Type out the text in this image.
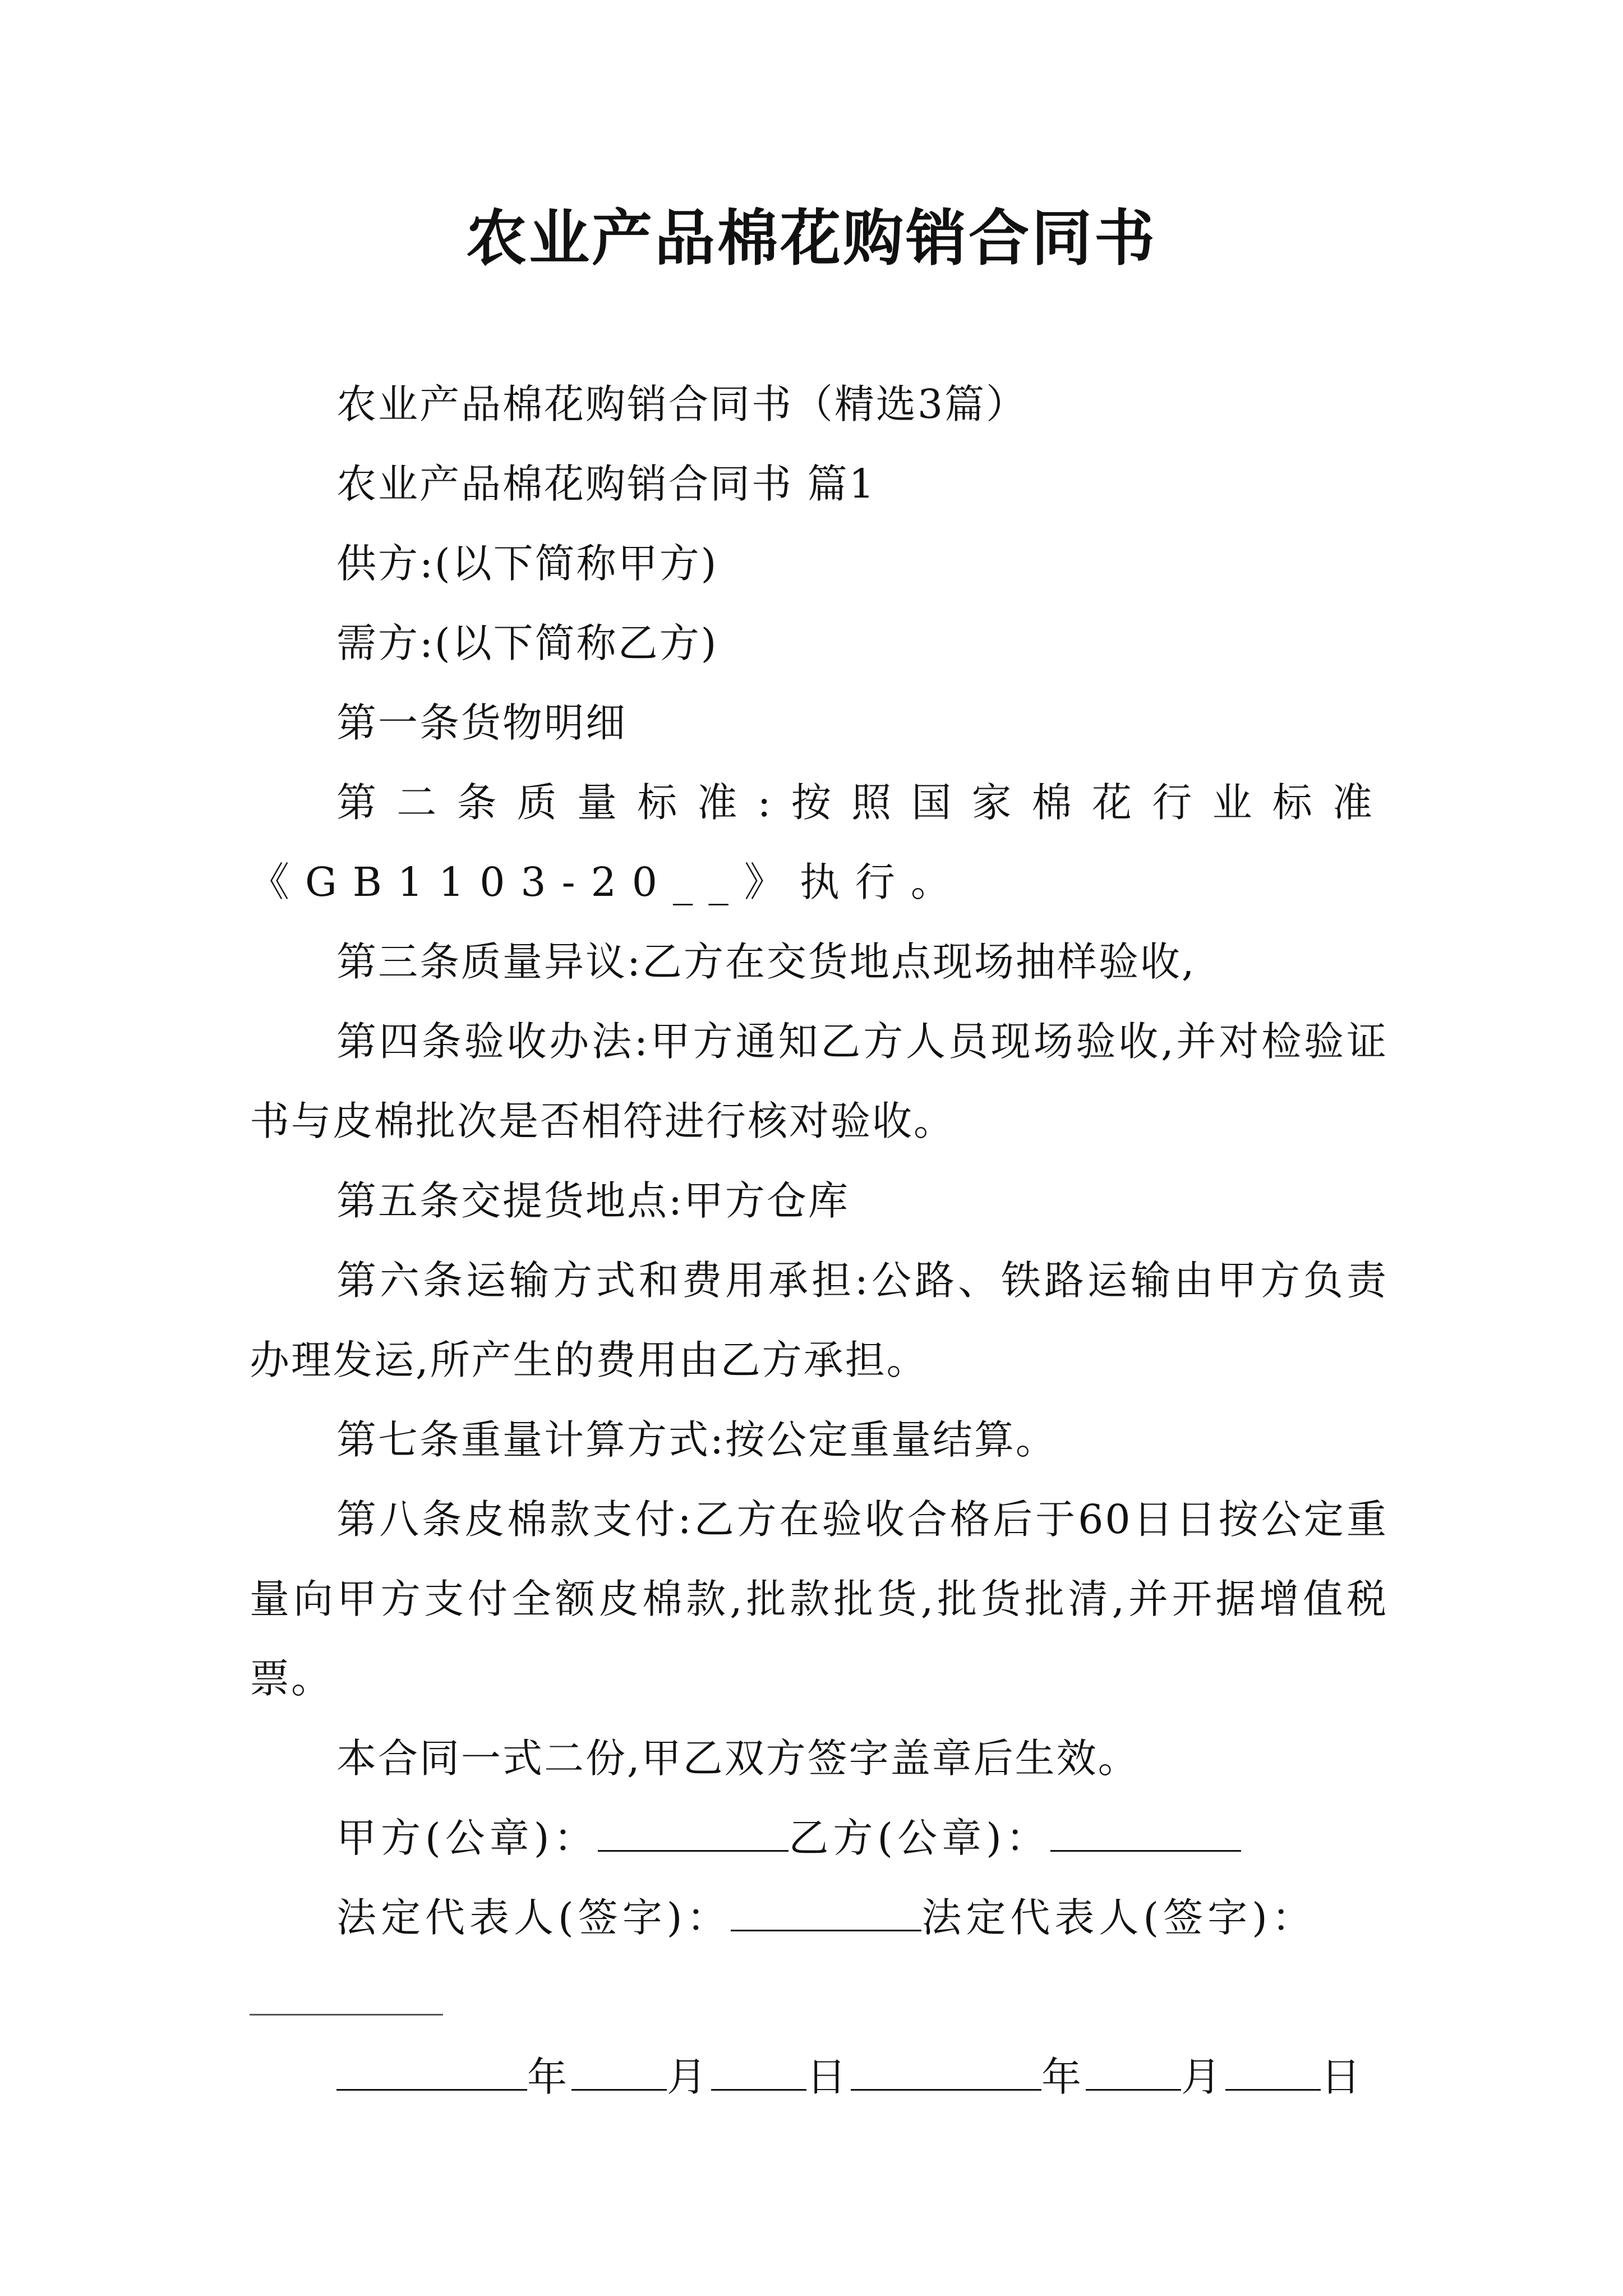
农业产品棉花购销合同书

农业产品棉花购销合同书（精选3篇）

农业产品棉花购销合同书 篇1

供方:(以下简称甲方)

需方:(以下简称乙方)

第一条货物明细

第二条质量标准:按照国家棉花行业标准《GB1103-20__》执行。

第三条质量异议:乙方在交货地点现场抽样验收,

第四条验收办法:甲方通知乙方人员现场验收,并对检验证书与皮棉批次是否相符进行核对验收。

第五条交提货地点:甲方仓库

第六条运输方式和费用承担:公路、铁路运输由甲方负责办理发运,所产生的费用由乙方承担。

第七条重量计算方式:按公定重量结算。

第八条皮棉款支付:乙方在验收合格后于60日日按公定重量向甲方支付全额皮棉款,批款批货,批货批清,并开据增值税票。

本合同一式二份,甲乙双方签字盖章后生效。

甲方(公章)：	乙方(公章)：

法定代表人(签字)：	法定代表人(签字)：

年 月 日	年 月 日
